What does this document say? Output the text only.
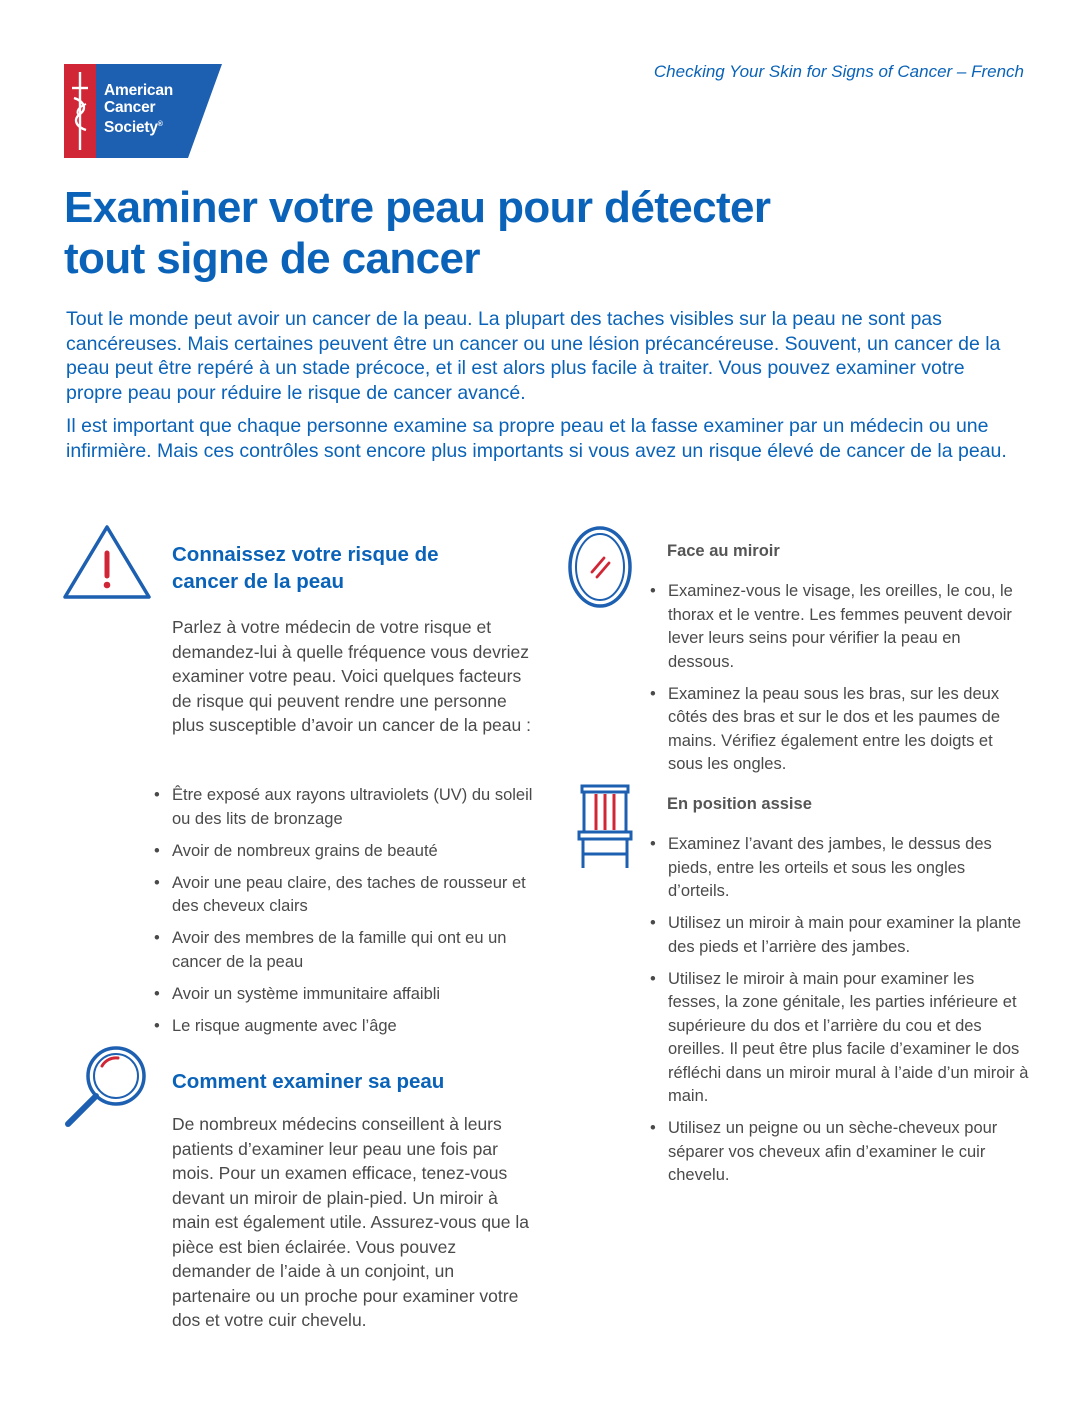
American
Cancer
Society®
Checking Your Skin for Signs of Cancer – French
Examiner votre peau pour détecter
tout signe de cancer

Tout le monde peut avoir un cancer de la peau. La plupart des taches visibles sur la peau ne sont pas cancéreuses. Mais certaines peuvent être un cancer ou une lésion précancéreuse. Souvent, un cancer de la peau peut être repéré à un stade précoce, et il est alors plus facile à traiter. Vous pouvez examiner votre propre peau pour réduire le risque de cancer avancé.

Il est important que chaque personne examine sa propre peau et la fasse examiner par un médecin ou une infirmière. Mais ces contrôles sont encore plus importants si vous avez un risque élevé de cancer de la peau.

Connaissez votre risque de
cancer de la peau
Parlez à votre médecin de votre risque et demandez-lui à quelle fréquence vous devriez examiner votre peau. Voici quelques facteurs de risque qui peuvent rendre une personne plus susceptible d’avoir un cancer de la peau :
• Être exposé aux rayons ultraviolets (UV) du soleil ou des lits de bronzage
• Avoir de nombreux grains de beauté
• Avoir une peau claire, des taches de rousseur et des cheveux clairs
• Avoir des membres de la famille qui ont eu un cancer de la peau
• Avoir un système immunitaire affaibli
• Le risque augmente avec l’âge
Comment examiner sa peau
De nombreux médecins conseillent à leurs patients d’examiner leur peau une fois par mois. Pour un examen efficace, tenez-vous devant un miroir de plain-pied. Un miroir à main est également utile. Assurez-vous que la pièce est bien éclairée. Vous pouvez demander de l’aide à un conjoint, un partenaire ou un proche pour examiner votre dos et votre cuir chevelu.
Face au miroir
• Examinez-vous le visage, les oreilles, le cou, le thorax et le ventre. Les femmes peuvent devoir lever leurs seins pour vérifier la peau en dessous.
• Examinez la peau sous les bras, sur les deux côtés des bras et sur le dos et les paumes de mains. Vérifiez également entre les doigts et sous les ongles.
En position assise
• Examinez l’avant des jambes, le dessus des pieds, entre les orteils et sous les ongles d’orteils.
• Utilisez un miroir à main pour examiner la plante des pieds et l’arrière des jambes.
• Utilisez le miroir à main pour examiner les fesses, la zone génitale, les parties inférieure et supérieure du dos et l’arrière du cou et des oreilles. Il peut être plus facile d’examiner le dos réfléchi dans un miroir mural à l’aide d’un miroir à main.
• Utilisez un peigne ou un sèche-cheveux pour séparer vos cheveux afin d’examiner le cuir chevelu.
